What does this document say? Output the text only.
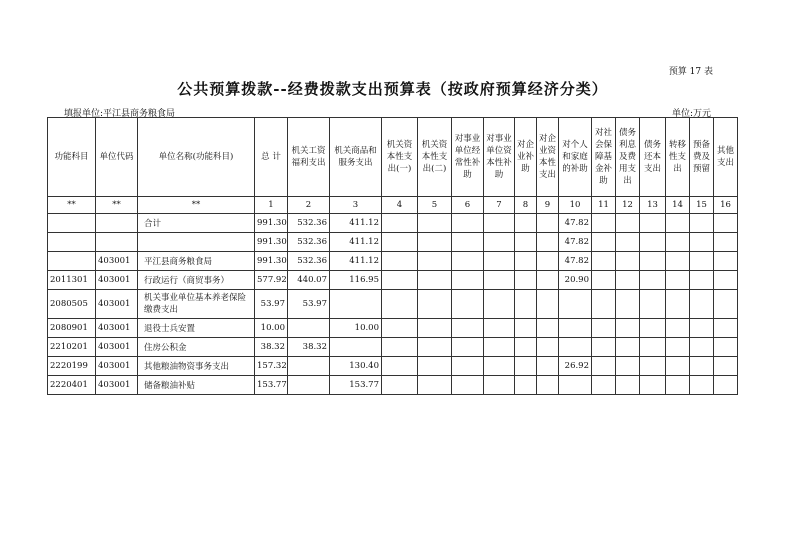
预算 17 表
公共预算拨款--经费拨款支出预算表（按政府预算经济分类）
填报单位:平江县商务粮食局	单位:万元
功能科目	单位代码	单位名称(功能科目)	总 计	机关工资福利支出	机关商品和服务支出	机关资本性支出(一)	机关资本性支出(二)	对事业单位经常性补助	对事业单位资本性补助	对企业补助	对企业资本性支出	对个人和家庭的补助	对社会保障基金补助	债务利息及费用支出	债务还本支出	转移性支出	预备费及预留	其他支出
**	**	**	1	2	3	4	5	6	7	8	9	10	11	12	13	14	15	16
		合计	991.30	532.36	411.12							47.82						
			991.30	532.36	411.12							47.82						
	403001	平江县商务粮食局	991.30	532.36	411.12							47.82						
2011301	403001	行政运行（商贸事务）	577.92	440.07	116.95							20.90						
2080505	403001	机关事业单位基本养老保险缴费支出	53.97	53.97														
2080901	403001	退役士兵安置	10.00		10.00													
2210201	403001	住房公积金	38.32	38.32														
2220199	403001	其他粮油物资事务支出	157.32		130.40							26.92						
2220401	403001	储备粮油补贴	153.77		153.77													
